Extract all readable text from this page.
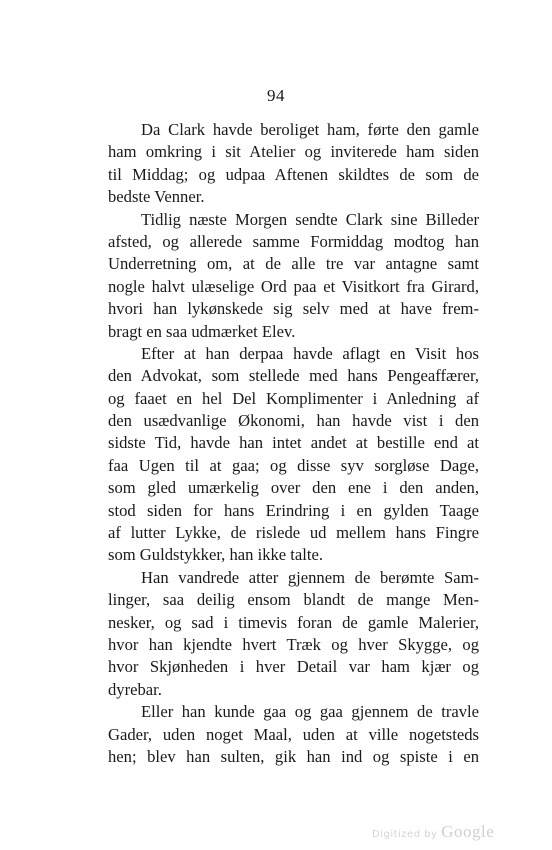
94
Da Clark havde beroliget ham, førte den gamle
ham omkring i sit Atelier og inviterede ham siden
til Middag; og udpaa Aftenen skildtes de som de
bedste Venner.
Tidlig næste Morgen sendte Clark sine Billeder
afsted, og allerede samme Formiddag modtog han
Underretning om, at de alle tre var antagne samt
nogle halvt ulæselige Ord paa et Visitkort fra Girard,
hvori han lykønskede sig selv med at have frem-
bragt en saa udmærket Elev.
Efter at han derpaa havde aflagt en Visit hos
den Advokat, som stellede med hans Pengeaffærer,
og faaet en hel Del Komplimenter i Anledning af
den usædvanlige Økonomi, han havde vist i den
sidste Tid, havde han intet andet at bestille end at
faa Ugen til at gaa; og disse syv sorgløse Dage,
som gled umærkelig over den ene i den anden,
stod siden for hans Erindring i en gylden Taage
af lutter Lykke, de rislede ud mellem hans Fingre
som Guldstykker, han ikke talte.
Han vandrede atter gjennem de berømte Sam-
linger, saa deilig ensom blandt de mange Men-
nesker, og sad i timevis foran de gamle Malerier,
hvor han kjendte hvert Træk og hver Skygge, og
hvor Skjønheden i hver Detail var ham kjær og
dyrebar.
Eller han kunde gaa og gaa gjennem de travle
Gader, uden noget Maal, uden at ville nogetsteds
hen; blev han sulten, gik han ind og spiste i en
Digitized by Google
